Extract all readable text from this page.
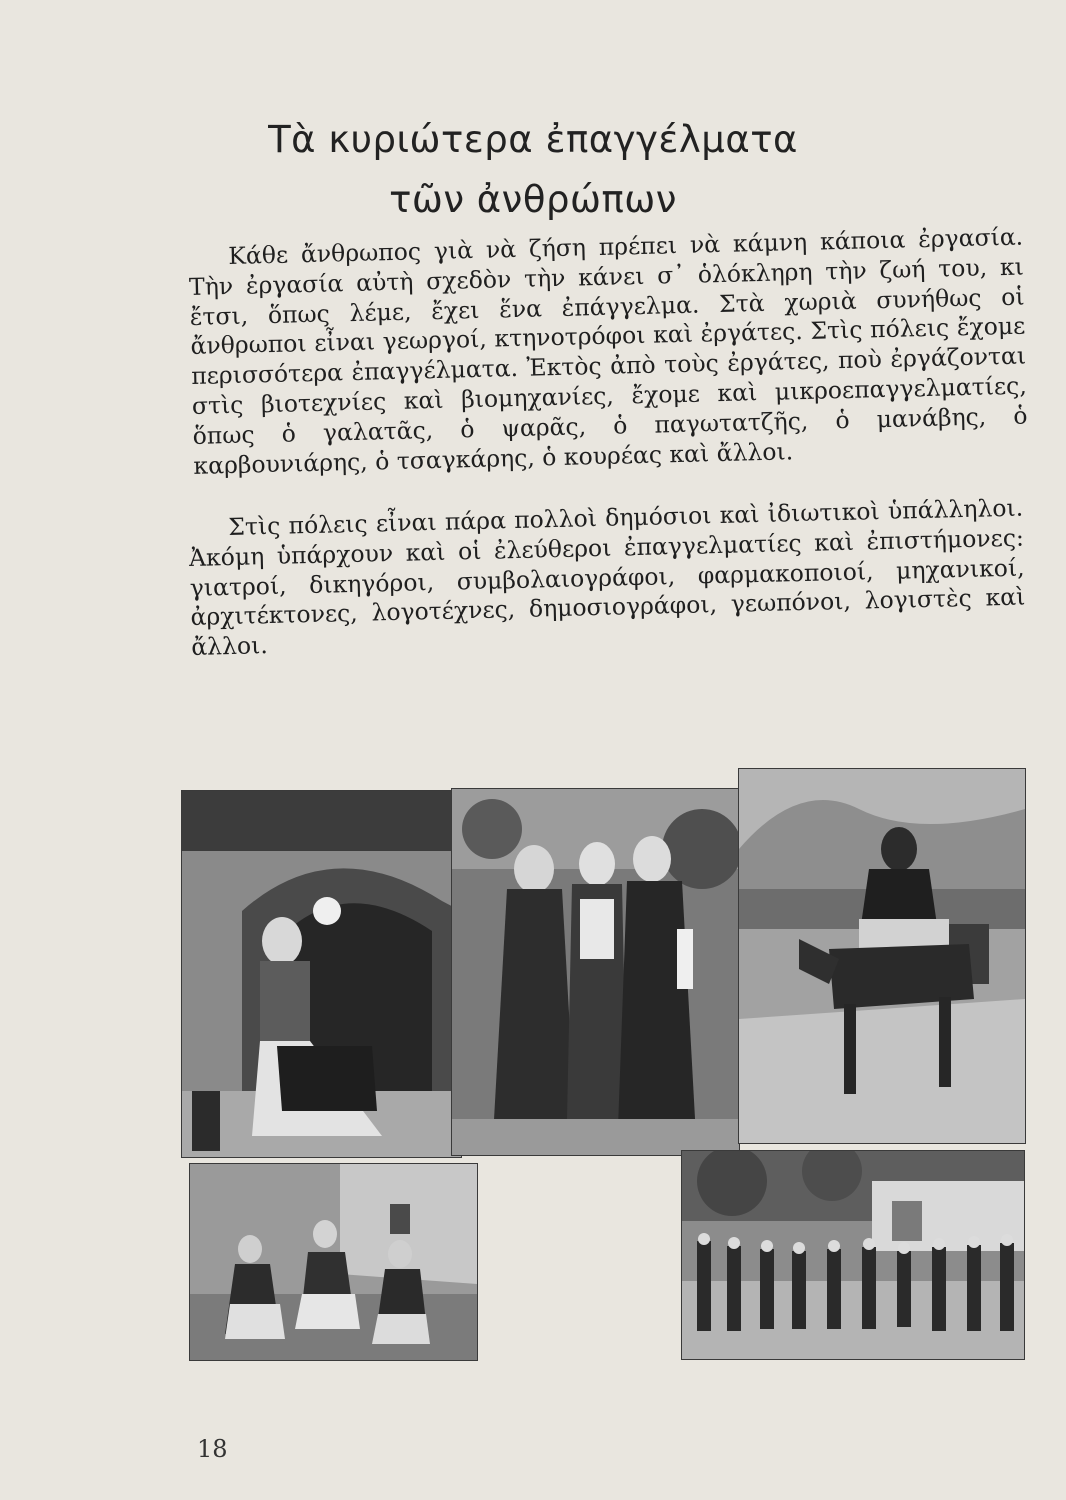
Τὰ κυριώτερα ἐπαγγέλματα
τῶν ἀνθρώπων

Κάθε ἄνθρωπος γιὰ νὰ ζήση πρέπει νὰ κάμνη κάποια ἐργασία. Τὴν ἐργασία αὐτὴ σχεδὸν τὴν κάνει σ᾿ ὁλόκληρη τὴν ζωή του, κι ἔτσι, ὅπως λέμε, ἔχει ἕνα ἐπάγγελμα. Στὰ χωριὰ συνήθως οἱ ἄνθρωποι εἶναι γεωργοί, κτηνοτρόφοι καὶ ἐργάτες. Στὶς πόλεις ἔχομε περισσότερα ἐπαγγέλματα. Ἐκτὸς ἀπὸ τοὺς ἐργάτες, ποὺ ἐργάζονται στὶς βιοτεχνίες καὶ βιομηχανίες, ἔχομε καὶ μικροεπαγγελματίες, ὅπως ὁ γαλατᾶς, ὁ ψαρᾶς, ὁ παγωτατζῆς, ὁ μανάβης, ὁ καρβουνιάρης, ὁ τσαγκάρης, ὁ κουρέας καὶ ἄλλοι.

Στὶς πόλεις εἶναι πάρα πολλοὶ δημόσιοι καὶ ἰδιωτικοὶ ὑπάλληλοι. Ἀκόμη ὑπάρχουν καὶ οἱ ἐλεύθεροι ἐπαγγελματίες καὶ ἐπιστήμονες: γιατροί, δικηγόροι, συμβολαιογράφοι, φαρμακοποιοί, μηχανικοί, ἀρχιτέκτονες, λογοτέχνες, δημοσιογράφοι, γεωπόνοι, λογιστὲς καὶ ἄλλοι.

18
